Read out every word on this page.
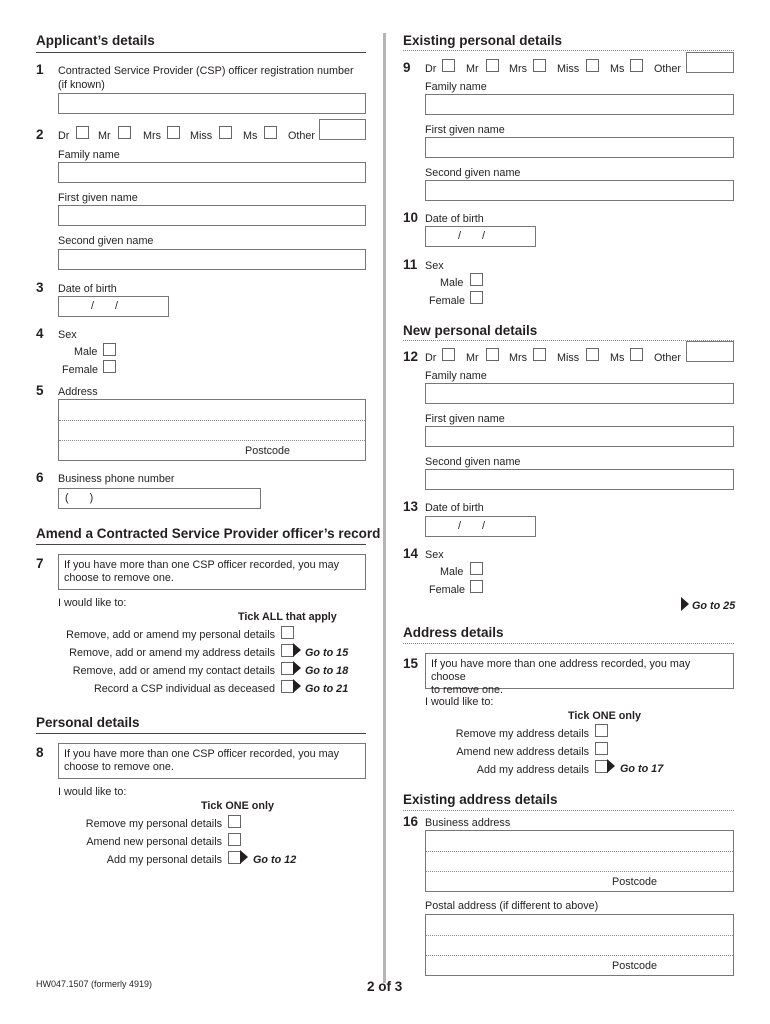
Applicant’s details
1 Contracted Service Provider (CSP) officer registration number
(if known)
2 Dr	Mr	Mrs	Miss	Ms	Other
Family name
First given name
Second given name
3 Date of birth
/       /
4 Sex
Male
Female
5 Address
Postcode
6 Business phone number
(       )
Amend a Contracted Service Provider officer’s record
7 If you have more than one CSP officer recorded, you may
choose to remove one.
I would like to:
Tick ALL that apply
Remove, add or amend my personal details
Remove, add or amend my address details	Go to 15
Remove, add or amend my contact details	Go to 18
Record a CSP individual as deceased	Go to 21
Personal details
8 If you have more than one CSP officer recorded, you may
choose to remove one.
I would like to:
Tick ONE only
Remove my personal details
Amend new personal details
Add my personal details	Go to 12
Existing personal details
9 Dr	Mr	Mrs	Miss	Ms	Other
Family name
First given name
Second given name
10 Date of birth
/       /
11 Sex
Male
Female
New personal details
12 Dr	Mr	Mrs	Miss	Ms	Other
Family name
First given name
Second given name
13 Date of birth
/       /
14 Sex
Male
Female
Go to 25
Address details
15 If you have more than one address recorded, you may choose
to remove one.
I would like to:
Tick ONE only
Remove my address details
Amend new address details
Add my address details	Go to 17
Existing address details
16 Business address
Postcode
Postal address (if different to above)
Postcode
HW047.1507 (formerly 4919)	2 of 3
